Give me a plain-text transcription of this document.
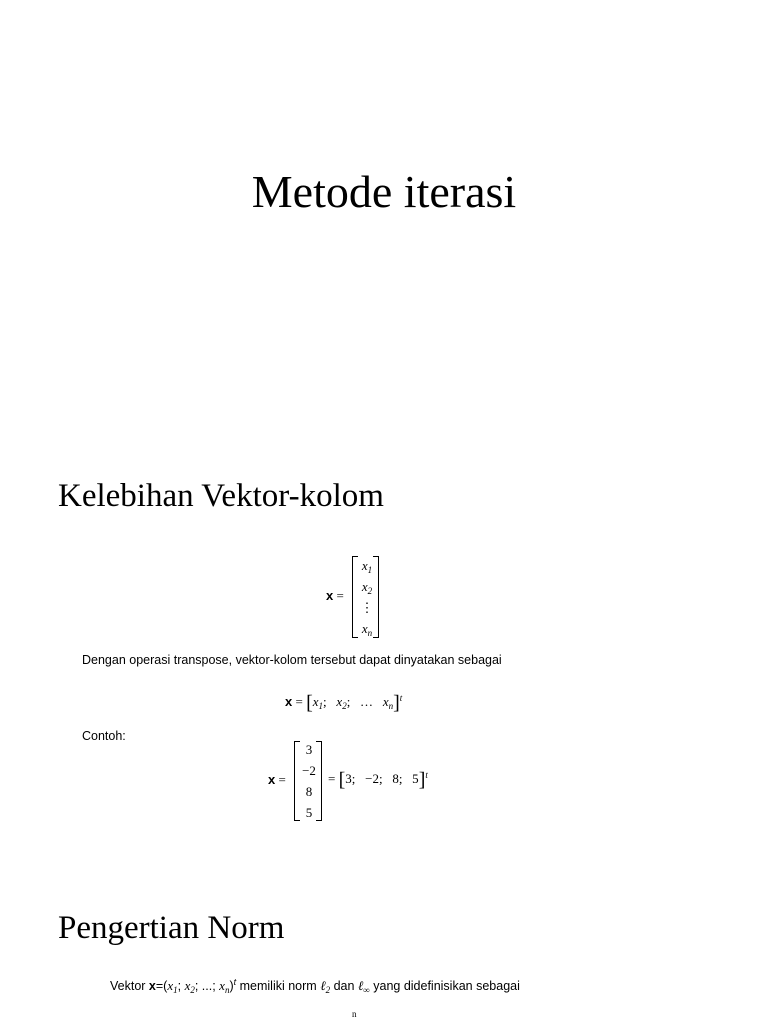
Metode iterasi
Kelebihan Vektor-kolom
x =
$x_1$
$x_2$
⋮
$x_n$
Dengan operasi transpose, vektor-kolom tersebut dapat dinyatakan sebagai
$x = [x_1$;   $x_2$;   …   $x_n]^t$
Contoh:
x =
3
−2
8
5
= [3;   −2;   8;   5]$^t$
Pengertian Norm
Vektor $x=(x_1$; $x_2$; ...; $x_n)^t$ memiliki norm ℓ$_2$ dan ℓ$_\infty$ yang didefinisikan sebagai
$^n$
